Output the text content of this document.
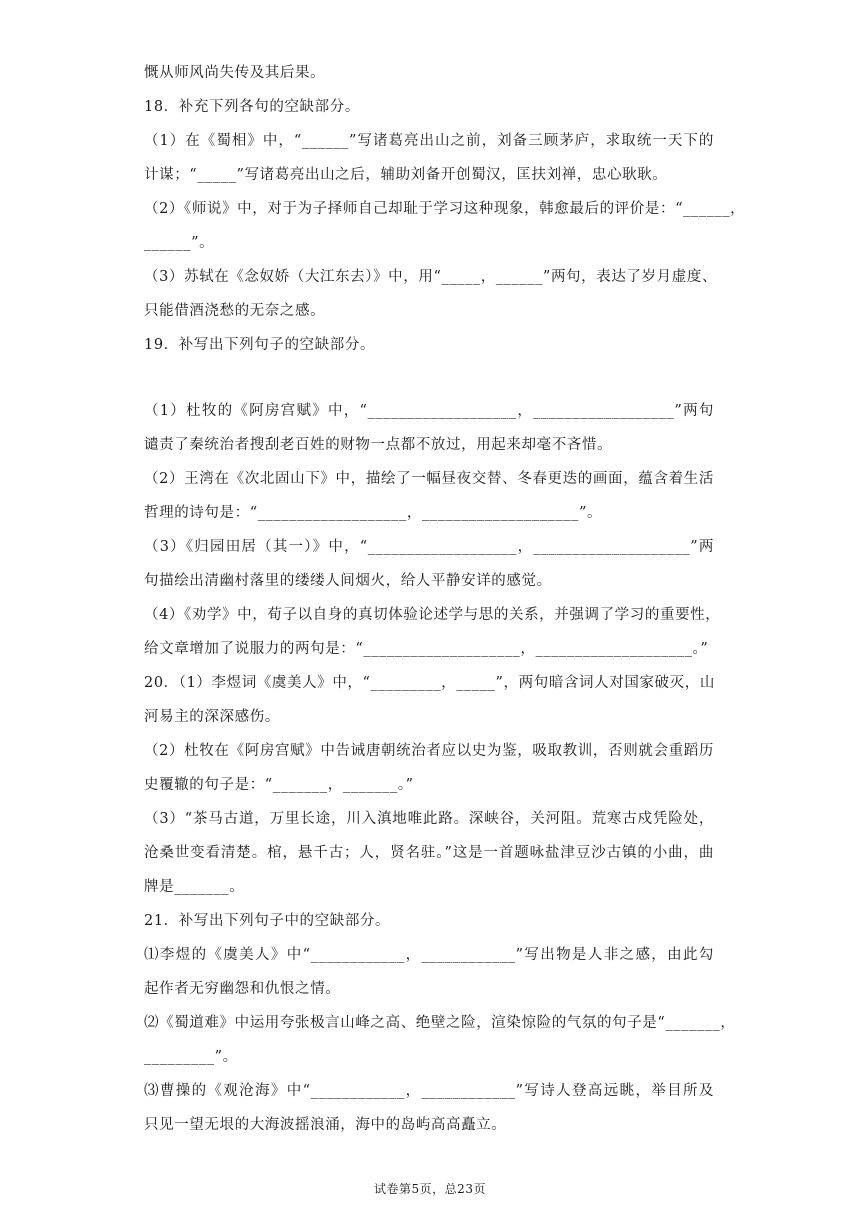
慨从师风尚失传及其后果。
18．补充下列各句的空缺部分。
（1）在《蜀相》中，“______”写诸葛亮出山之前，刘备三顾茅庐，求取统一天下的
计谋；“_____”写诸葛亮出山之后，辅助刘备开创蜀汉，匡扶刘禅，忠心耿耿。
（2）《师说》中，对于为子择师自己却耻于学习这种现象，韩愈最后的评价是：“______，
______”。
（3）苏轼在《念奴娇（大江东去）》中，用“_____，______”两句，表达了岁月虚度、
只能借酒浇愁的无奈之感。
19．补写出下列句子的空缺部分。
（1）杜牧的《阿房宫赋》中，“___________________，__________________”两句
谴责了秦统治者搜刮老百姓的财物一点都不放过，用起来却毫不吝惜。
（2）王湾在《次北固山下》中，描绘了一幅昼夜交替、冬春更迭的画面，蕴含着生活
哲理的诗句是：“___________________，____________________”。
（3）《归园田居（其一）》中，“___________________，____________________”两
句描绘出清幽村落里的缕缕人间烟火，给人平静安详的感觉。
（4）《劝学》中，荀子以自身的真切体验论述学与思的关系，并强调了学习的重要性，
给文章增加了说服力的两句是：“____________________，____________________。”
20．（1）李煜词《虞美人》中，“_________，_____”，两句暗含词人对国家破灭，山
河易主的深深感伤。
（2）杜牧在《阿房宫赋》中告诫唐朝统治者应以史为鉴，吸取教训，否则就会重蹈历
史覆辙的句子是：“_______，_______。”
（3）“茶马古道，万里长途，川入滇地唯此路。深峡谷，关河阻。荒寒古戍凭险处，
沧桑世变看清楚。棺，悬千古；人，贤名驻。”这是一首题咏盐津豆沙古镇的小曲，曲
牌是_______。
21．补写出下列句子中的空缺部分。
⑴李煜的《虞美人》中“____________，____________”写出物是人非之感，由此勾
起作者无穷幽怨和仇恨之情。
⑵《蜀道难》中运用夸张极言山峰之高、绝壁之险，渲染惊险的气氛的句子是“_______，
_________”。
⑶曹操的《观沧海》中“____________，____________”写诗人登高远眺，举目所及
只见一望无垠的大海波摇浪涌，海中的岛屿高高矗立。
试卷第5页，总23页
